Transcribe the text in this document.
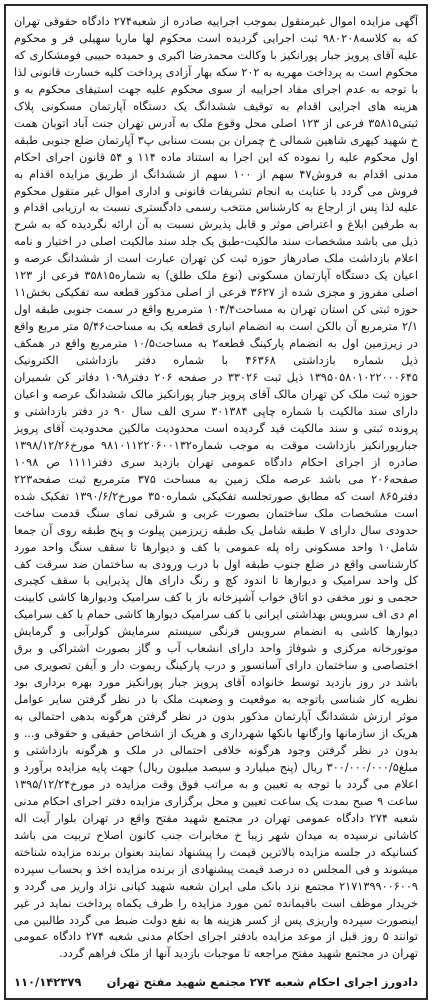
آگهی مزایده اموال غیرمنقول بموجب اجراییه صادره از شعبه۲۷۴ دادگاه حقوقی تهران که به کلاسه۹۸۰۲۰۸ ثبت اجرایی گردیده است محکوم لها ماریا سهیلی فر و محکوم علیه آقای پرویز جبار پورانکیز با وکالت محمدرضا اکبری و حمیده حبیبی فومشکاری که محکوم است به پرداخت مهریه به ۲۰۲ سکه بهار آزادی پرداخت کلیه خسارت قانونی لذا با توجه به عدم اجرای مفاد اجراییه از سوی محکوم علیه جهت استیفای محکوم به و هزینه های اجرایی اقدام به توقیف ششدانگ یک دستگاه آپارتمان مسکونی پلاک ثبتی۳۵۸۱۵ فرعی از ۱۲۳ اصلی محل وقوع ملک به آدرس تهران جنت آباد اتوبان همت خ شهید کیهری شاهین شمالی خ چمران بن بست سنابی پ۳ آپارتمان ضلع جنوبی طبقه اول محکوم علیه را نموده که این اجرا به استناد ماده ۱۱۴ و ۵۴ قانون اجرای احکام مدنی اقدام به فروش۴۷ سهم از ۱۰۰ سهم از ششدانگ از طریق مزایده اقدام به فروش می گردد با عنایت به انجام تشریفات قانونی و اداری اموال غیر منقول محکوم علیه لذا پس از ارجاع به کارشناس منتخب رسمی دادگستری نسبت به ارزیابی اقدام و به طرفین ابلاغ و اعتراض موثر و قابل پذیرش نسبت به آن ارائه نگردیده که به شرح ذیل می باشد مشخصات سند مالکیت-طبق یک جلد سند مالکیت اصلی در اختیار و نامه اعلام بازداشت ملک صادرهاز حوزه ثبت کن تهران عبارت است از ششدانگ عرصه و اعیان یک دستگاه آپارتمان مسکونی (نوع ملک طلق) به شماره۳۵۸۱۵ فرعی از ۱۲۳ اصلی مفروز و مجزی شده از ۳۶۲۷ فرعی از اصلی مذکور قطعه سه تفکیکی بخش۱۱ حوزه ثبتی کن استان تهران به مساحت۱۰۴/۴ مترمربع واقع در سمت جنوبی طبقه اول ۲/۱ مترمربع آن بالکن است به انضمام انباری قطعه یک به مساحت۵/۴۶ متر مربع واقع در زیرزمین اول به انضمام پارکینگ قطعه۲ به مساحت۱۰/۵ مترمربع واقع در همکف ذیل شماره بازداشتی ۴۶۳۶۸ با شماره دفتر بازداشتی الکترونیک ۱۳۹۵۰۵۸۰۱۰۲۲۰۰۰۶۴۵ ذیل ثبت ۳۳۰۲۶ در صفحه ۲۰۶ دفتر۱۰۹۸ دفاتر کن شمیران حوزه ثبت ملک کن تهران مالک آقای پرویز جبار پورانکیز مالک ششدانگ عرصه و اعیان دارای سند مالکیت با شماره چاپی ۳۰۱۳۸۴ سری الف سال ۹۰ در دفتر بازداشتی و پرونده ثبتی و سند مالکیت قید گردیده است محدودیت مالکین محدودیت آقای پرویز جبارپورانکیز بازداشت موقت به موجب شماره۹۸۱۰۱۱۲۲۰۶۰۰۱۳۲ مورخ۱۳۹۸/۱۲/۲۶ صادره از اجرای احکام دادگاه عمومی تهران بازدید سری دفتر۱۱۱۱ ص ۱۰۹۸ صفحه۲۰۶ می باشد عرصه ملک زمین به مساحت ۳۷۵ مترمربع ثبت صفحه۲۲۳ دفتر۸۶۵ است که مطابق صورتجلسه تفکیکی شماره۳۵۰ مورخ۱۳۹۰/۶/۲ تفکیک شده است مشخصات ملک ساختمان بصورت غربی و شرقی نمای سنگ قدمت ساخت حدودی سال دارای ۷ طبقه شامل یک طبقه زیرزمین پیلوت و پنج طبقه روی آن جمعا شامل۱۰ واحد مسکونی راه پله عمومی با کف و دیوارها تا سقف سنگ واحد مورد کارشناسی واقع در ضلع جنوب طبقه اول با درب ورودی به ساختمان ضد سرقت کف کل واحد سرامیک و دیوارها تا اندود کچ و رنگ دارای هال پذیرایی با سقف کچبری حجمی و نور مخفی دو اتاق خواب آشپزخانه باز با کف سرامیک ودیوارها کاشی کابینت ام دی اف سرویس بهداشتی ایرانی با کف سرامیک دیوارها کاشی حمام با کف سرامیک دیوارها کاشی به انضمام سرویس فرنگی سیستم سرمایش کولرآبی و گرمایش موتورخانه مرکزی و شوفاژ واحد دارای انشعاب آب و گاز بصورت اشتراکی و برق اختصاصی و ساختمان دارای آسانسور و درب پارکینگ ریموت دار و آیفن تصویری می باشد در روز بازدید توسط خانواده آقای پرویز جبار پورانکیز مورد بهره برداری بود نظریه کار شناسی باتوجه به موقعیت و وضعیت ملک با در نظر گرفتن سایر عوامل موثر ارزش ششدانگ آپارتمان مذکور بدون در نظر گرفتن هرگونه بدهی احتمالی به هریک از سازمانها وارگانها بانکها شهرداری و هریک از اشخاص حقیقی و حقوقی و... و بدون در نظر گرفتن وجود هرگونه خلافی احتمالی در ملک و هرگونه بازداشتی و مبلغ۳۰۰/۰۰۰/۰۰۰/۵ ریال (پنج میلیارد و سیصد میلیون ریال) جهت پایه مزایده برآورد و اعلام می گردد با توجه به تعیین و به مراتب فوق وقت مزایده در مورخ۱۳۹۵/۱۲/۲۴ ساعت ۹ صبح بمدت یک ساعت تعیین و محل برگزاری مزایده دفتر اجرای احکام مدنی شعبه ۲۷۴ دادگاه عمومی تهران در مجتمع شهید مفتح واقع در تهران بلوار آیت اله کاشانی نرسیده به میدان شهر زیبا خ مخابرات جنب کانون اصلاح تربیت می باشد کسانیکه در جلسه مزایده بالاترین قیمت را پیشنهاد نمایند بعنوان برنده مزایده شناخته میشوند و فی المجلس ده درصد قیمت پیشنهادی از برنده مزایده اخذ و بحساب سپرده ۲۱۷۱۳۹۹۰۰۶۰۰۹ مجتمع نزد بانک ملی ایران شعبه شهید کیانی نژاد واریز می گردد و خریدار موظف است باقیمانده ثمن مورد مزایده را ظرف یکماه پرداخت نماید در غیر اینصورت سپرده واریزی پس از کسر هزینه ها به نفع دولت ضبط می گردد طالبین می توانند ۵ روز قبل از موعد مزایده بادفتر اجرای احکام مدنی شعبه ۲۷۴ دادگاه عمومی تهران در مجتمع شهید مفتح مراجعه تا موجبات بازدید آنها از ملک فراهم گردد.

دادورز اجرای احکام شعبه ۲۷۴ مجتمع شهید مفتح تهران
۱۱۰/۱۴۲۳۷۹
